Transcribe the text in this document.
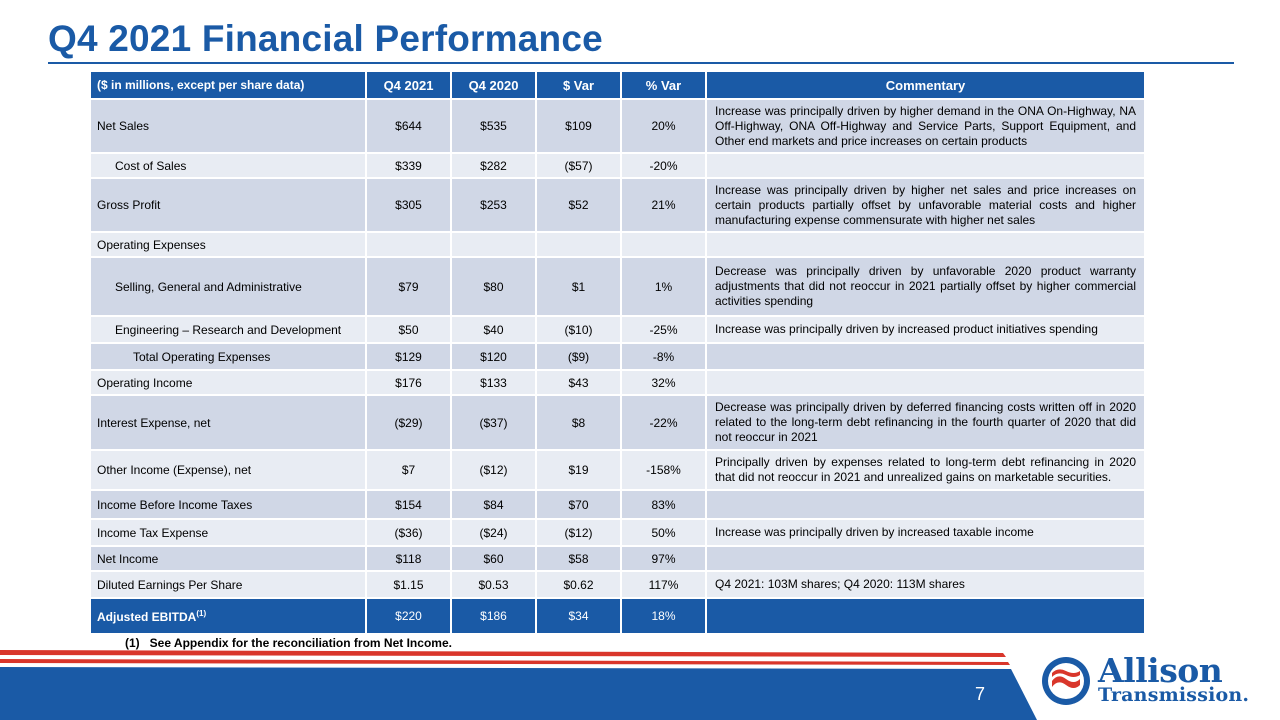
Q4 2021 Financial Performance
($ in millions, except per share data)	Q4 2021	Q4 2020	$ Var	% Var	Commentary
Net Sales	$644	$535	$109	20%	Increase was principally driven by higher demand in the ONA On-Highway, NA Off-Highway, ONA Off-Highway and Service Parts, Support Equipment, and Other end markets and price increases on certain products
Cost of Sales	$339	$282	($57)	-20%	
Gross Profit	$305	$253	$52	21%	Increase was principally driven by higher net sales and price increases on certain products partially offset by unfavorable material costs and higher manufacturing expense commensurate with higher net sales
Operating Expenses					
Selling, General and Administrative	$79	$80	$1	1%	Decrease was principally driven by unfavorable 2020 product warranty adjustments that did not reoccur in 2021 partially offset by higher commercial activities spending
Engineering – Research and Development	$50	$40	($10)	-25%	Increase was principally driven by increased product initiatives spending
Total Operating Expenses	$129	$120	($9)	-8%	
Operating Income	$176	$133	$43	32%	
Interest Expense, net	($29)	($37)	$8	-22%	Decrease was principally driven by deferred financing costs written off in 2020 related to the long-term debt refinancing in the fourth quarter of 2020 that did not reoccur in 2021
Other Income (Expense), net	$7	($12)	$19	-158%	Principally driven by expenses related to long-term debt refinancing in 2020 that did not reoccur in 2021 and unrealized gains on marketable securities.
Income Before Income Taxes	$154	$84	$70	83%	
Income Tax Expense	($36)	($24)	($12)	50%	Increase was principally driven by increased taxable income
Net Income	$118	$60	$58	97%	
Diluted Earnings Per Share	$1.15	$0.53	$0.62	117%	Q4 2021: 103M shares; Q4 2020: 113M shares
Adjusted EBITDA$^{(1)}$	$220	$186	$34	18%	
(1) See Appendix for the reconciliation from Net Income.
7
Allison
Transmission.
